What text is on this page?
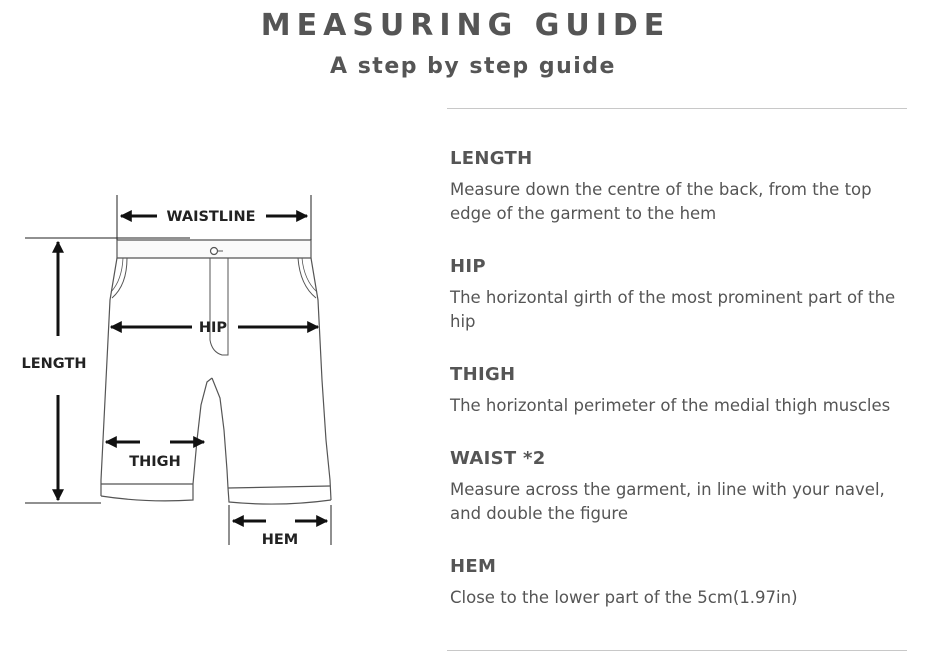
MEASURING GUIDE
A step by step guide
WAISTLINE
HIP
LENGTH
THIGH
HEM
LENGTH

Measure down the centre of the back, from the top edge of the garment to the hem

HIP

The horizontal girth of the most prominent part of the hip

THIGH

The horizontal perimeter of the medial thigh muscles

WAIST *2

Measure across the garment, in line with your navel, and double the figure

HEM

Close to the lower part of the 5cm(1.97in)
